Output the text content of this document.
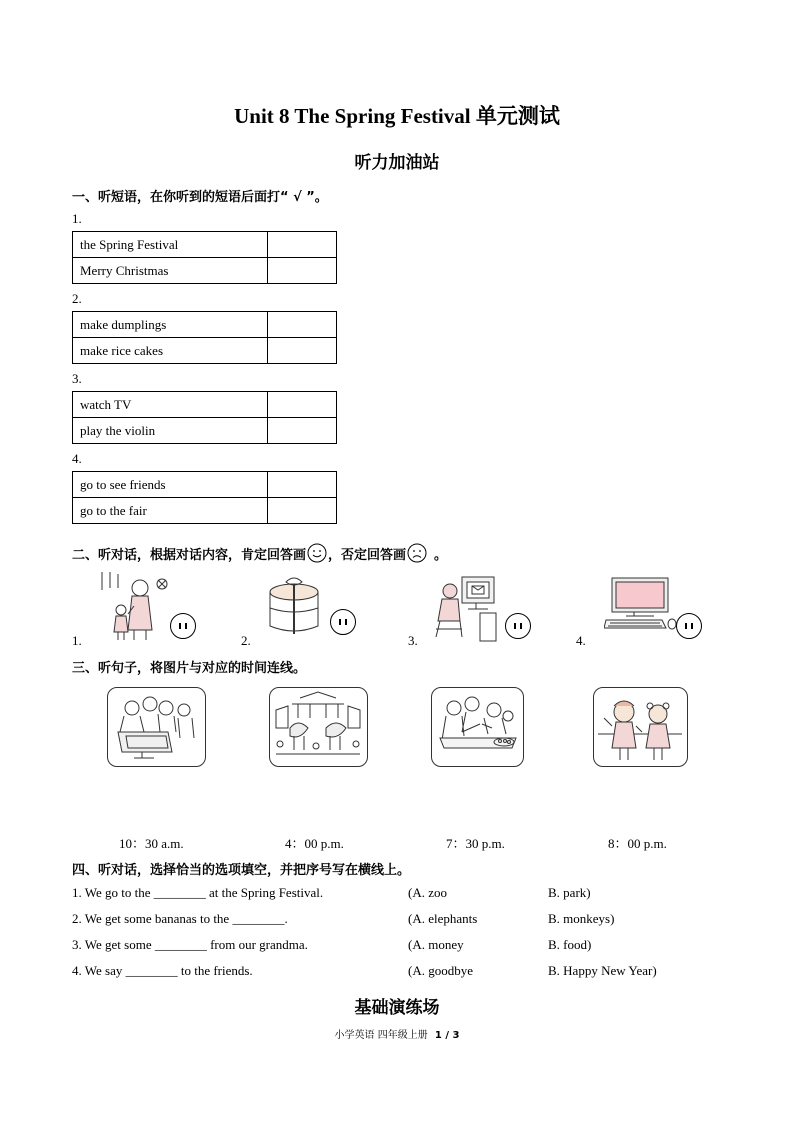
Unit 8 The Spring Festival 单元测试
听力加油站
一、听短语，在你听到的短语后面打“ √ ”。
1.
the Spring Festival	
Merry Christmas	
2.
make dumplings	
make rice cakes	
3.
watch TV	
play the violin	
4.
go to see friends	
go to the fair	
二、听对话，根据对话内容，肯定回答画 ，否定回答画 。
1.	2.	3.	4.
三、听句子，将图片与对应的时间连线。
10：30 a.m.	4：00 p.m.	7：30 p.m.	8：00 p.m.
四、听对话，选择恰当的选项填空，并把序号写在横线上。
1. We go to the ________ at the Spring Festival.	(A. zoo	B. park)
2. We get some bananas to the ________.	(A. elephants	B. monkeys)
3. We get some ________ from our grandma.	(A. money	B. food)
4. We say ________ to the friends.	(A. goodbye	B. Happy New Year)
基础演练场
小学英语 四年级上册 1 / 3
